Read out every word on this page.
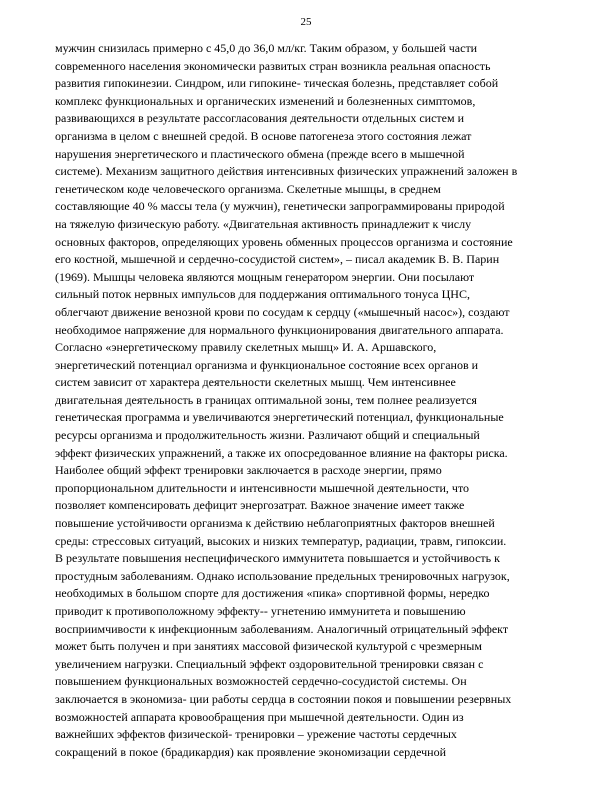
25
мужчин снизилась примерно с 45,0 до 36,0 мл/кг. Таким образом, у большей части
современного населения экономически развитых стран возникла реальная опасность
развития гипокинезии. Синдром, или гипокине- тическая болезнь, представляет собой
комплекс функциональных и органических изменений и болезненных симптомов,
развивающихся в результате рассогласования деятельности отдельных систем и
организма в целом с внешней средой. В основе патогенеза этого состояния лежат
нарушения энергетического и пластического обмена (прежде всего в мышечной
системе). Механизм защитного действия интенсивных физических упражнений заложен в
генетическом коде человеческого организма. Скелетные мышцы, в среднем
составляющие 40 % массы тела (у мужчин), генетически запрограммированы природой
на тяжелую физическую работу. «Двигательная активность принадлежит к числу
основных факторов, определяющих уровень обменных процессов организма и состояние
его костной, мышечной и сердечно-сосудистой систем», – писал академик В. В. Парин
(1969). Мышцы человека являются мощным генератором энергии. Они посылают
сильный поток нервных импульсов для поддержания оптимального тонуса ЦНС,
облегчают движение венозной крови по сосудам к сердцу («мышечный насос»), создают
необходимое напряжение для нормального функционирования двигательного аппарата.
Согласно «энергетическому правилу скелетных мышц» И. А. Аршавского,
энергетический потенциал организма и функциональное состояние всех органов и
систем зависит от характера деятельности скелетных мышц. Чем интенсивнее
двигательная деятельность в границах оптимальной зоны, тем полнее реализуется
генетическая программа и увеличиваются энергетический потенциал, функциональные
ресурсы организма и продолжительность жизни. Различают общий и специальный
эффект физических упражнений, а также их опосредованное влияние на факторы риска.
Наиболее общий эффект тренировки заключается в расходе энергии, прямо
пропорциональном длительности и интенсивности мышечной деятельности, что
позволяет компенсировать дефицит энергозатрат. Важное значение имеет также
повышение устойчивости организма к действию неблагоприятных факторов внешней
среды: стрессовых ситуаций, высоких и низких температур, радиации, травм, гипоксии.
В результате повышения неспецифического иммунитета повышается и устойчивость к
простудным заболеваниям. Однако использование предельных тренировочных нагрузок,
необходимых в большом спорте для достижения «пика» спортивной формы, нередко
приводит к противоположному эффекту-- угнетению иммунитета и повышению
восприимчивости к инфекционным заболеваниям. Аналогичный отрицательный эффект
может быть получен и при занятиях массовой физической культурой с чрезмерным
увеличением нагрузки. Специальный эффект оздоровительной тренировки связан с
повышением функциональных возможностей сердечно-сосудистой системы. Он
заключается в экономиза- ции работы сердца в состоянии покоя и повышении резервных
возможностей аппарата кровообращения при мышечной деятельности. Один из
важнейших эффектов физической- тренировки – урежение частоты сердечных
сокращений в покое (брадикардия) как проявление экономизации сердечной
